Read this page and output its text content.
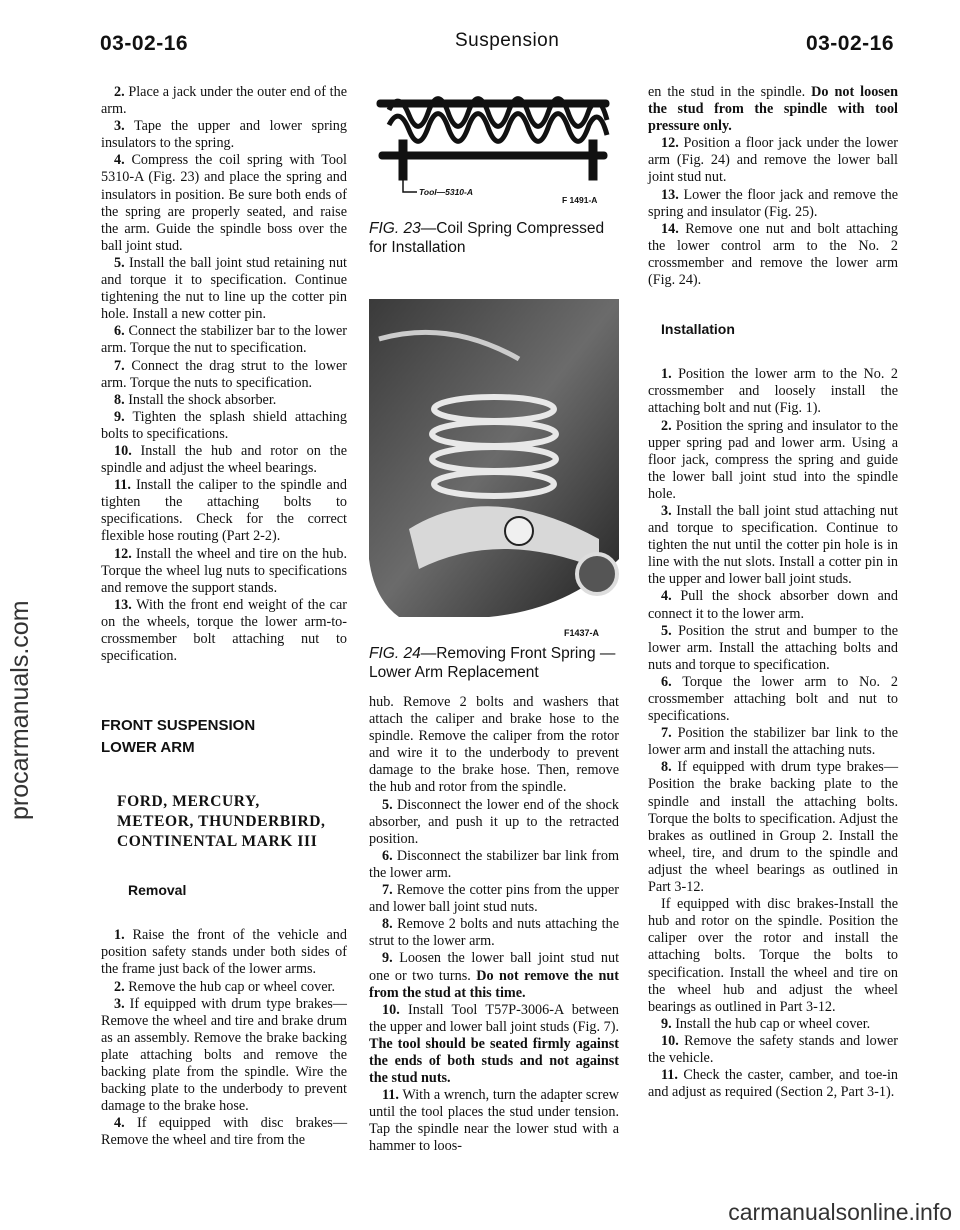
03-02-16	Suspension	03-02-16
procarmanuals.com

2. Place a jack under the outer end of the arm.

3. Tape the upper and lower spring insulators to the spring.

4. Compress the coil spring with Tool 5310-A (Fig. 23) and place the spring and insulators in position. Be sure both ends of the spring are properly seated, and raise the arm. Guide the spindle boss over the ball joint stud.

5. Install the ball joint stud retaining nut and torque it to specification. Continue tightening the nut to line up the cotter pin hole. Install a new cotter pin.

6. Connect the stabilizer bar to the lower arm. Torque the nut to specification.

7. Connect the drag strut to the lower arm. Torque the nuts to specification.

8. Install the shock absorber.

9. Tighten the splash shield attaching bolts to specifications.

10. Install the hub and rotor on the spindle and adjust the wheel bearings.

11. Install the caliper to the spindle and tighten the attaching bolts to specifications. Check for the correct flexible hose routing (Part 2-2).

12. Install the wheel and tire on the hub. Torque the wheel lug nuts to specifications and remove the support stands.

13. With the front end weight of the car on the wheels, torque the lower arm-to-crossmember bolt attaching nut to specification.

FRONT SUSPENSION
LOWER ARM
FORD, MERCURY,
METEOR, THUNDERBIRD,
CONTINENTAL MARK III
Removal

1. Raise the front of the vehicle and position safety stands under both sides of the frame just back of the lower arms.

2. Remove the hub cap or wheel cover.

3. If equipped with drum type brakes—Remove the wheel and tire and brake drum as an assembly. Remove the brake backing plate attaching bolts and remove the backing plate from the spindle. Wire the backing plate to the underbody to prevent damage to the brake hose.

4. If equipped with disc brakes—Remove the wheel and tire from the

Tool—5310-A
F 1491-A
FIG. 23—Coil Spring Compressed for Installation
F1437-A
FIG. 24—Removing Front Spring —Lower Arm Replacement

hub. Remove 2 bolts and washers that attach the caliper and brake hose to the spindle. Remove the caliper from the rotor and wire it to the underbody to prevent damage to the brake hose. Then, remove the hub and rotor from the spindle.

5. Disconnect the lower end of the shock absorber, and push it up to the retracted position.

6. Disconnect the stabilizer bar link from the lower arm.

7. Remove the cotter pins from the upper and lower ball joint stud nuts.

8. Remove 2 bolts and nuts attaching the strut to the lower arm.

9. Loosen the lower ball joint stud nut one or two turns. Do not remove the nut from the stud at this time.

10. Install Tool T57P-3006-A between the upper and lower ball joint studs (Fig. 7). The tool should be seated firmly against the ends of both studs and not against the stud nuts.

11. With a wrench, turn the adapter screw until the tool places the stud under tension. Tap the spindle near the lower stud with a hammer to loos-

en the stud in the spindle. Do not loosen the stud from the spindle with tool pressure only.

12. Position a floor jack under the lower arm (Fig. 24) and remove the lower ball joint stud nut.

13. Lower the floor jack and remove the spring and insulator (Fig. 25).

14. Remove one nut and bolt attaching the lower control arm to the No. 2 crossmember and remove the lower arm (Fig. 24).

Installation

1. Position the lower arm to the No. 2 crossmember and loosely install the attaching bolt and nut (Fig. 1).

2. Position the spring and insulator to the upper spring pad and lower arm. Using a floor jack, compress the spring and guide the lower ball joint stud into the spindle hole.

3. Install the ball joint stud attaching nut and torque to specification. Continue to tighten the nut until the cotter pin hole is in line with the nut slots. Install a cotter pin in the upper and lower ball joint studs.

4. Pull the shock absorber down and connect it to the lower arm.

5. Position the strut and bumper to the lower arm. Install the attaching bolts and nuts and torque to specification.

6. Torque the lower arm to No. 2 crossmember attaching bolt and nut to specifications.

7. Position the stabilizer bar link to the lower arm and install the attaching nuts.

8. If equipped with drum type brakes—Position the brake backing plate to the spindle and install the attaching bolts. Torque the bolts to specification. Adjust the brakes as outlined in Group 2. Install the wheel, tire, and drum to the spindle and adjust the wheel bearings as outlined in Part 3-12.

If equipped with disc brakes-Install the hub and rotor on the spindle. Position the caliper over the rotor and install the attaching bolts. Torque the bolts to specification. Install the wheel and tire on the wheel hub and adjust the wheel bearings as outlined in Part 3-12.

9. Install the hub cap or wheel cover.

10. Remove the safety stands and lower the vehicle.

11. Check the caster, camber, and toe-in and adjust as required (Section 2, Part 3-1).

carmanualsonline.info
